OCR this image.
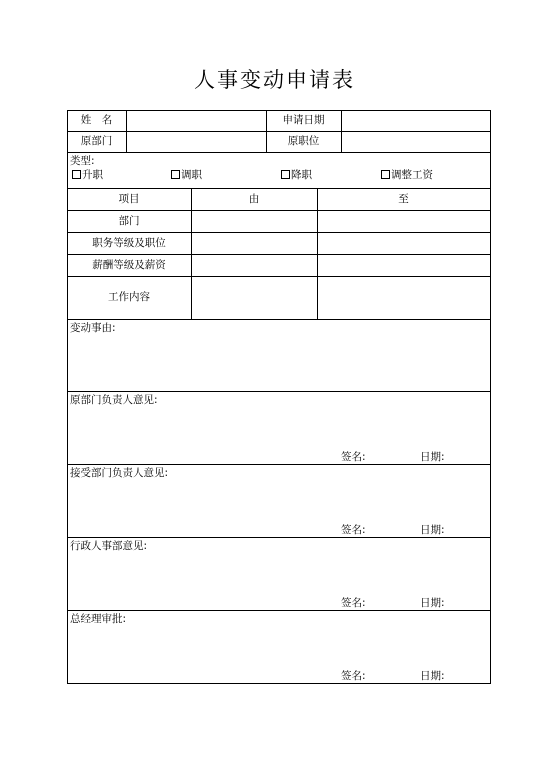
人事变动申请表
姓　名	申请日期
原部门	原职位
类型:
升职	调职	降职	调整工资
项目	由	至
部门
职务等级及职位
薪酬等级及薪资
工作内容
变动事由:
原部门负责人意见:
签名:	日期:
接受部门负责人意见:
签名:	日期:
行政人事部意见:
签名:	日期:
总经理审批:
签名:	日期:
